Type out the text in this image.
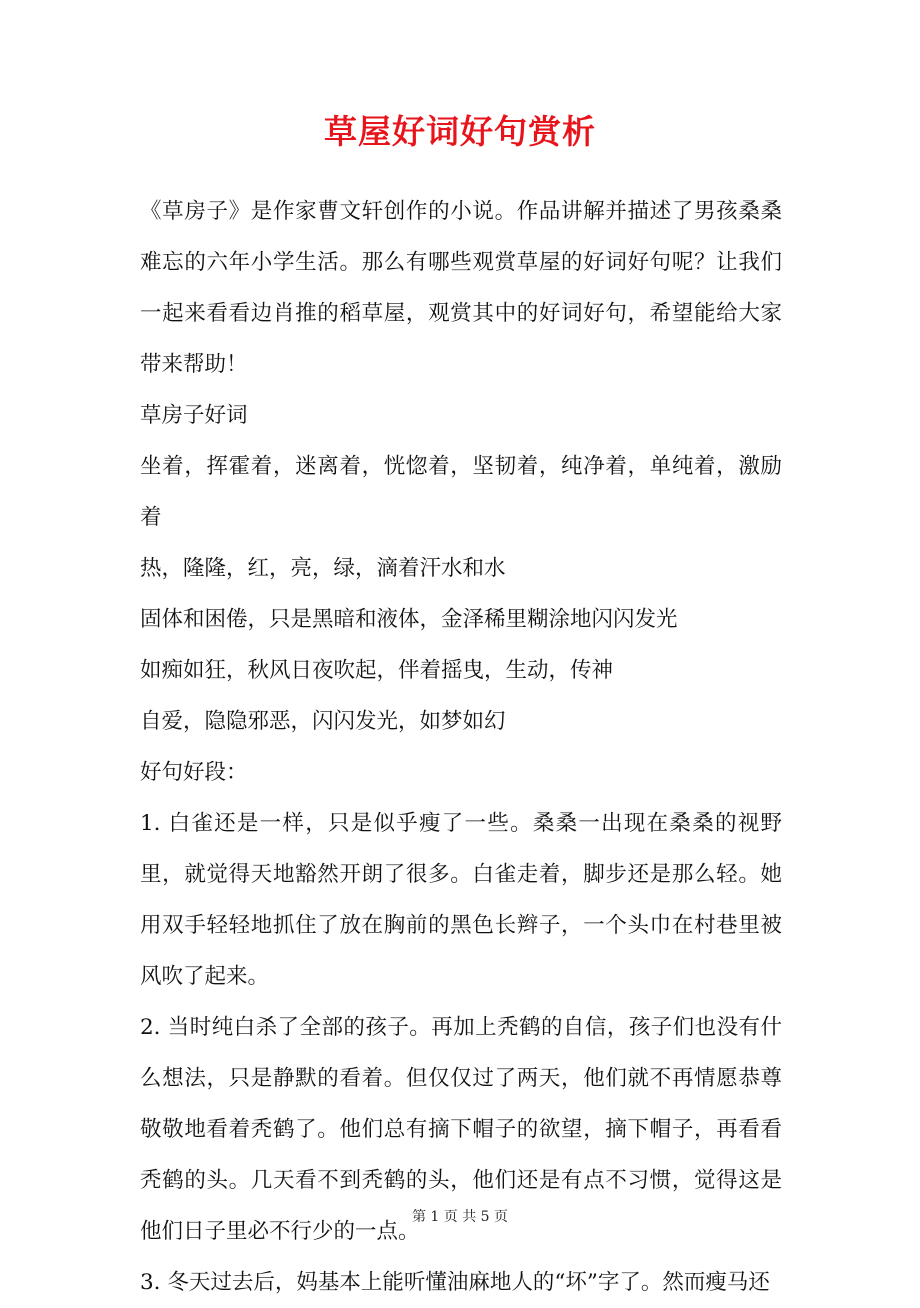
草屋好词好句赏析

《草房子》是作家曹文轩创作的小说。作品讲解并描述了男孩桑桑难忘的六年小学生活。那么有哪些观赏草屋的好词好句呢？让我们一起来看看边肖推的稻草屋，观赏其中的好词好句，希望能给大家带来帮助！

草房子好词

坐着，挥霍着，迷离着，恍惚着，坚韧着，纯净着，单纯着，激励着

热，隆隆，红，亮，绿，滴着汗水和水

固体和困倦，只是黑暗和液体，金泽稀里糊涂地闪闪发光

如痴如狂，秋风日夜吹起，伴着摇曳，生动，传神

自爱，隐隐邪恶，闪闪发光，如梦如幻

好句好段：

1. 白雀还是一样，只是似乎瘦了一些。桑桑一出现在桑桑的视野里，就觉得天地豁然开朗了很多。白雀走着，脚步还是那么轻。她用双手轻轻地抓住了放在胸前的黑色长辫子，一个头巾在村巷里被风吹了起来。

2. 当时纯白杀了全部的孩子。再加上秃鹤的自信，孩子们也没有什么想法，只是静默的看着。但仅仅过了两天，他们就不再情愿恭尊敬敬地看着秃鹤了。他们总有摘下帽子的欲望，摘下帽子，再看看秃鹤的头。几天看不到秃鹤的头，他们还是有点不习惯，觉得这是他们日子里必不行少的一点。

3. 冬天过去后，妈基本上能听懂油麻地人的“坏”字了。然而瘦马还

第 1 页 共 5 页
